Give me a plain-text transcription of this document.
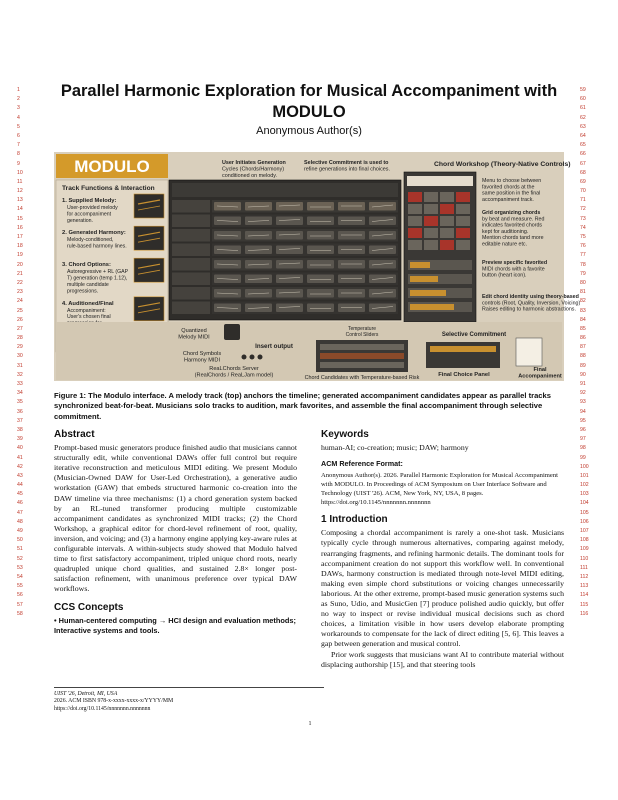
1
2
3
4
5
6
7
8
9
10
11
12
13
14
15
16
17
18
19
20
21
22
23
24
25
26
27
28
29
30
31
32
33
34
35
36
37
38
39
40
41
42
43
44
45
46
47
48
49
50
51
52
53
54
55
56
57
58
59
60
61
62
63
64
65
66
67
68
69
70
71
72
73
74
75
76
77
78
79
80
81
82
83
84
85
86
87
88
89
90
91
92
93
94
95
96
97
98
99
100
101
102
103
104
105
106
107
108
109
110
111
112
113
114
115
116
Parallel Harmonic Exploration for Musical Accompaniment with MODULO
Anonymous Author(s)
MODULO
Track Functions & Interaction
1. Supplied Melody:
User-provided melody
for accompaniment
generation.
2. Generated Harmony:
Melody-conditioned,
rule-based harmony lines.
3. Chord Options:
Autoregressive + RL (GAP
T) generation (temp 1.12),
multiple candidate
progressions.
4. Auditioned/Final
Accompaniment:
User's chosen final
User Initiates Generation
Cycles (Chords/Harmony)
conditioned on melody.
Selective Commitment is used to
refine generations into final choices.
Chord Workshop (Theory-Native Controls)
Menu to choose between
favorited chords at the
same position in the final
accompaniment track.
Grid organizing chords
by beat and measure. Red
indicates favorited chords
kept for auditioning.
Mention chords tand more
editable nature etc.
Preview specific favorited
MIDI chords with a favorite
button (heart icon).
Edit chord identity using theory-based
controls (Root, Quality, Inversion, Voicing)
Raises editing to harmonic abstractions.
Quantized
Melody MIDI
Insert output
Chord Symbols
Harmony MIDI
ReaLChords Server
(RealChords / ReaLJam model)
Temperature
Control Sliders
Chord Candidates with Temperature-based Risk
Selective Commitment
Final Choice Panel
Final
Accompaniment
Figure 1: The Modulo interface. A melody track (top) anchors the timeline; generated accompaniment candidates appear as parallel tracks synchronized beat-for-beat. Musicians solo tracks to audition, mark favorites, and assemble the final accompaniment through selective commitment.
Abstract

Prompt-based music generators produce finished audio that musicians cannot structurally edit, while conventional DAWs offer full control but require iterative reconstruction and meticulous MIDI editing. We present Modulo (Musician-Owned DAW for User-Led Orchestration), a generative audio workstation (GAW) that embeds structured harmonic co-creation into the DAW timeline via three mechanisms: (1) a chord generation system backed by an RL-tuned transformer producing multiple customizable accompaniment candidates as synchronized MIDI tracks; (2) the Chord Workshop, a graphical editor for chord-level refinement of root, quality, inversion, and voicing; and (3) a harmony engine applying key-aware rules at configurable intervals. A within-subjects study showed that Modulo halved time to first satisfactory accompaniment, tripled unique chord roots, nearly quadrupled unique chord qualities, and sustained 2.8× longer post-satisfaction refinement, with unanimous preference over typical DAW workflows.

CCS Concepts

• Human-centered computing → HCI design and evaluation methods; Interactive systems and tools.

Keywords

human-AI; co-creation; music; DAW; harmony

ACM Reference Format:

Anonymous Author(s). 2026. Parallel Harmonic Exploration for Musical Accompaniment with MODULO. In Proceedings of ACM Symposium on User Interface Software and Technology (UIST '26). ACM, New York, NY, USA, 8 pages. https://doi.org/10.1145/nnnnnnn.nnnnnnn

1 Introduction

Composing a chordal accompaniment is rarely a one-shot task. Musicians typically cycle through numerous alternatives, comparing against melody, rearranging fragments, and refining harmonic details. The dominant tools for accompaniment creation do not support this workflow well. In conventional DAWs, harmony construction is mediated through note-level MIDI editing, making even simple chord substitutions or voicing changes unnecessarily laborious. At the other extreme, prompt-based music generation systems such as Suno, Udio, and MusicGen [7] produce polished audio quickly, but offer no way to inspect or revise individual musical decisions such as chord choices, a limitation visible in how users develop elaborate prompting workarounds to compensate for the lack of direct editing [5, 6]. This leaves a gap between generation and musical control.

Prior work suggests that musicians want AI to contribute material without displacing authorship [15], and that steering tools

UIST '26, Detroit, MI, USA
2026. ACM ISBN 978-x-xxxx-xxxx-x/YYYY/MM
https://doi.org/10.1145/nnnnnnn.nnnnnnn
1
